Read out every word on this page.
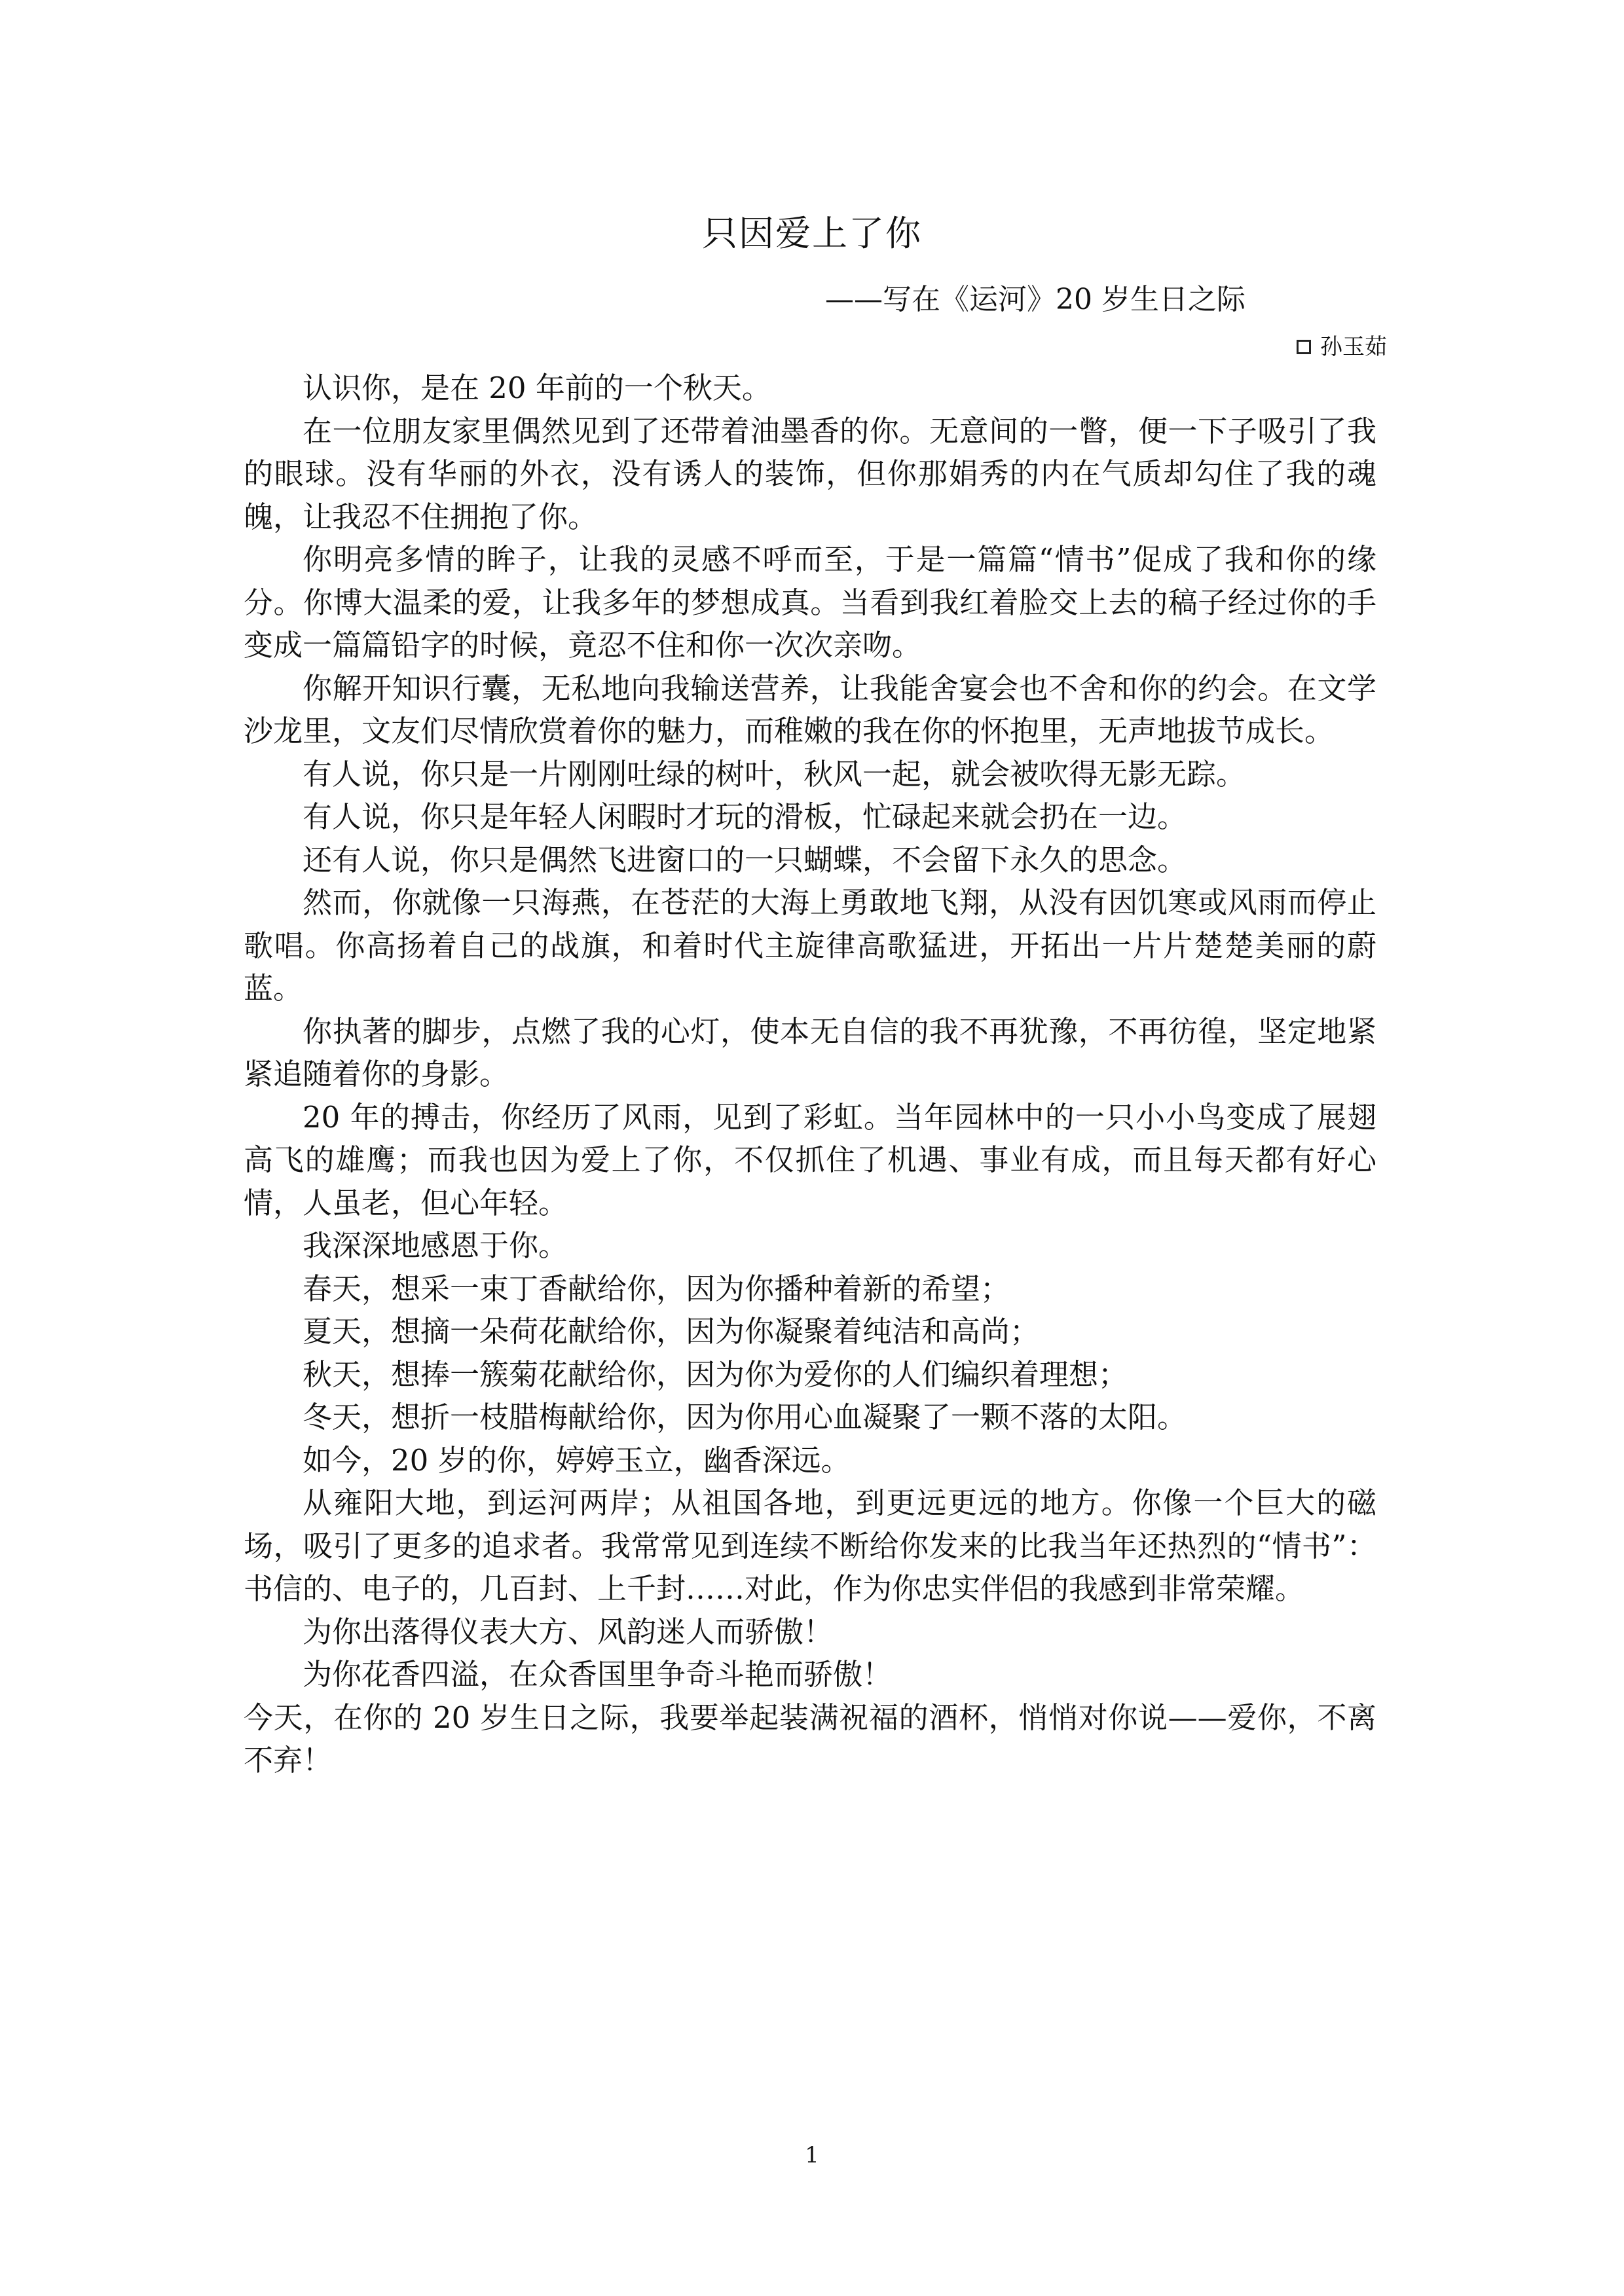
只因爱上了你
——写在《运河》20 岁生日之际
孙玉茹

认识你，是在 20 年前的一个秋天。

在一位朋友家里偶然见到了还带着油墨香的你。无意间的一瞥，便一下子吸引了我的眼球。没有华丽的外衣，没有诱人的装饰，但你那娟秀的内在气质却勾住了我的魂魄，让我忍不住拥抱了你。

你明亮多情的眸子，让我的灵感不呼而至，于是一篇篇“情书”促成了我和你的缘分。你博大温柔的爱，让我多年的梦想成真。当看到我红着脸交上去的稿子经过你的手变成一篇篇铅字的时候，竟忍不住和你一次次亲吻。

你解开知识行囊，无私地向我输送营养，让我能舍宴会也不舍和你的约会。在文学沙龙里，文友们尽情欣赏着你的魅力，而稚嫩的我在你的怀抱里，无声地拔节成长。

有人说，你只是一片刚刚吐绿的树叶，秋风一起，就会被吹得无影无踪。

有人说，你只是年轻人闲暇时才玩的滑板，忙碌起来就会扔在一边。

还有人说，你只是偶然飞进窗口的一只蝴蝶，不会留下永久的思念。

然而，你就像一只海燕，在苍茫的大海上勇敢地飞翔，从没有因饥寒或风雨而停止歌唱。你高扬着自己的战旗，和着时代主旋律高歌猛进，开拓出一片片楚楚美丽的蔚蓝。

你执著的脚步，点燃了我的心灯，使本无自信的我不再犹豫，不再彷徨，坚定地紧紧追随着你的身影。

20 年的搏击，你经历了风雨，见到了彩虹。当年园林中的一只小小鸟变成了展翅高飞的雄鹰；而我也因为爱上了你，不仅抓住了机遇、事业有成，而且每天都有好心情，人虽老，但心年轻。

我深深地感恩于你。

春天，想采一束丁香献给你，因为你播种着新的希望；

夏天，想摘一朵荷花献给你，因为你凝聚着纯洁和高尚；

秋天，想捧一簇菊花献给你，因为你为爱你的人们编织着理想；

冬天，想折一枝腊梅献给你，因为你用心血凝聚了一颗不落的太阳。

如今，20 岁的你，婷婷玉立，幽香深远。

从雍阳大地，到运河两岸；从祖国各地，到更远更远的地方。你像一个巨大的磁场，吸引了更多的追求者。我常常见到连续不断给你发来的比我当年还热烈的“情书”：书信的、电子的，几百封、上千封……对此，作为你忠实伴侣的我感到非常荣耀。

为你出落得仪表大方、风韵迷人而骄傲！

为你花香四溢，在众香国里争奇斗艳而骄傲！

今天，在你的 20 岁生日之际，我要举起装满祝福的酒杯，悄悄对你说——爱你，不离不弃！

1
